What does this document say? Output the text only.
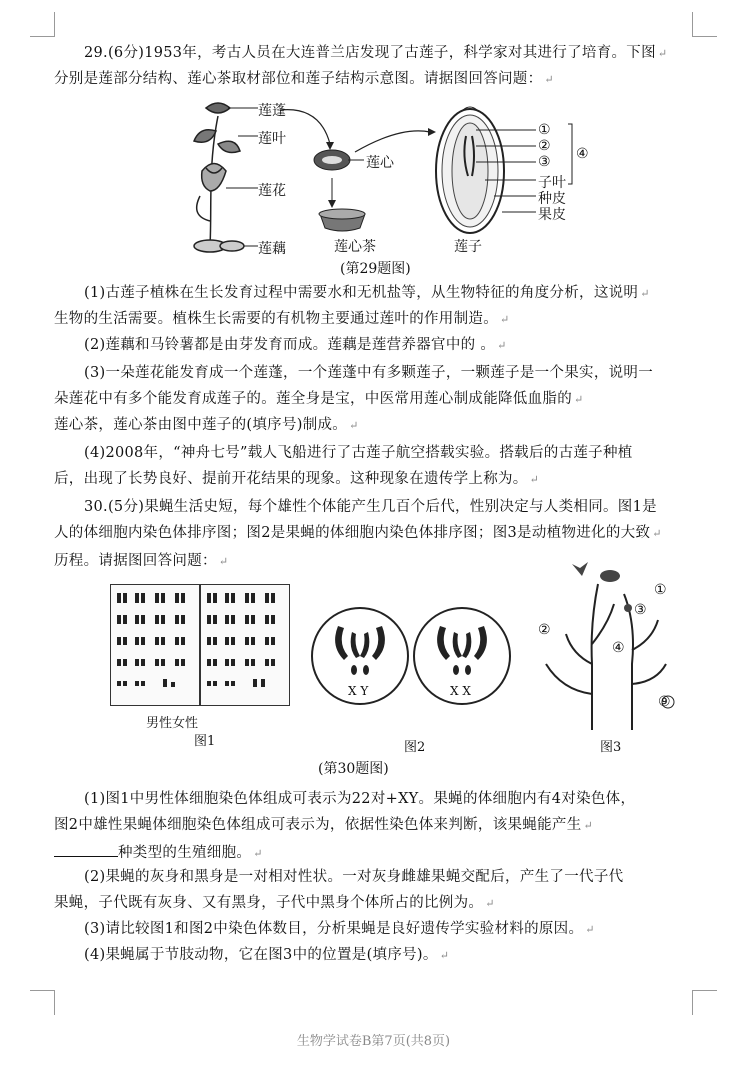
29.(6分)1953年，考古人员在大连普兰店发现了古莲子，科学家对其进行了培育。下图 ↵
分别是莲部分结构、莲心茶取材部位和莲子结构示意图。请据图回答问题： ↵
莲蓬
莲叶
莲花
莲藕
莲心
莲心茶	莲子
①
②
③ ④
子叶
种皮
果皮
(第29题图)
(1)古莲子植株在生长发育过程中需要水和无机盐等，从生物特征的角度分析，这说明 ↵
生物的生活需要。植株生长需要的有机物主要通过莲叶的作用制造。 ↵
(2)莲藕和马铃薯都是由芽发育而成。莲藕是莲营养器官中的 。 ↵
(3)一朵莲花能发育成一个莲蓬，一个莲蓬中有多颗莲子，一颗莲子是一个果实，说明一
朵莲花中有多个能发育成莲子的。莲全身是宝，中医常用莲心制成能降低血脂的 ↵
莲心茶，莲心茶由图中莲子的(填序号)制成。 ↵
(4)2008年，“神舟七号”载人飞船进行了古莲子航空搭载实验。搭载后的古莲子种植
后，出现了长势良好、提前开花结果的现象。这种现象在遗传学上称为。 ↵
30.(5分)果蝇生活史短，每个雄性个体能产生几百个后代，性别决定与人类相同。图1是
人的体细胞内染色体排序图；图2是果蝇的体细胞内染色体排序图；图3是动植物进化的大致 ↵
历程。请据图回答问题： ↵
男性女性
图1
X Y	X X
图2
①
②
③
④
⑨
图3
(第30题图)
(1)图1中男性体细胞染色体组成可表示为22对+XY。果蝇的体细胞内有4对染色体，
图2中雄性果蝇体细胞染色体组成可表示为，依据性染色体来判断，该果蝇能产生 ↵
种类型的生殖细胞。 ↵
(2)果蝇的灰身和黑身是一对相对性状。一对灰身雌雄果蝇交配后，产生了一代子代
果蝇，子代既有灰身、又有黑身，子代中黑身个体所占的比例为。 ↵
(3)请比较图1和图2中染色体数目，分析果蝇是良好遗传学实验材料的原因。 ↵
(4)果蝇属于节肢动物，它在图3中的位置是(填序号)。 ↵
生物学试卷B第7页(共8页)
